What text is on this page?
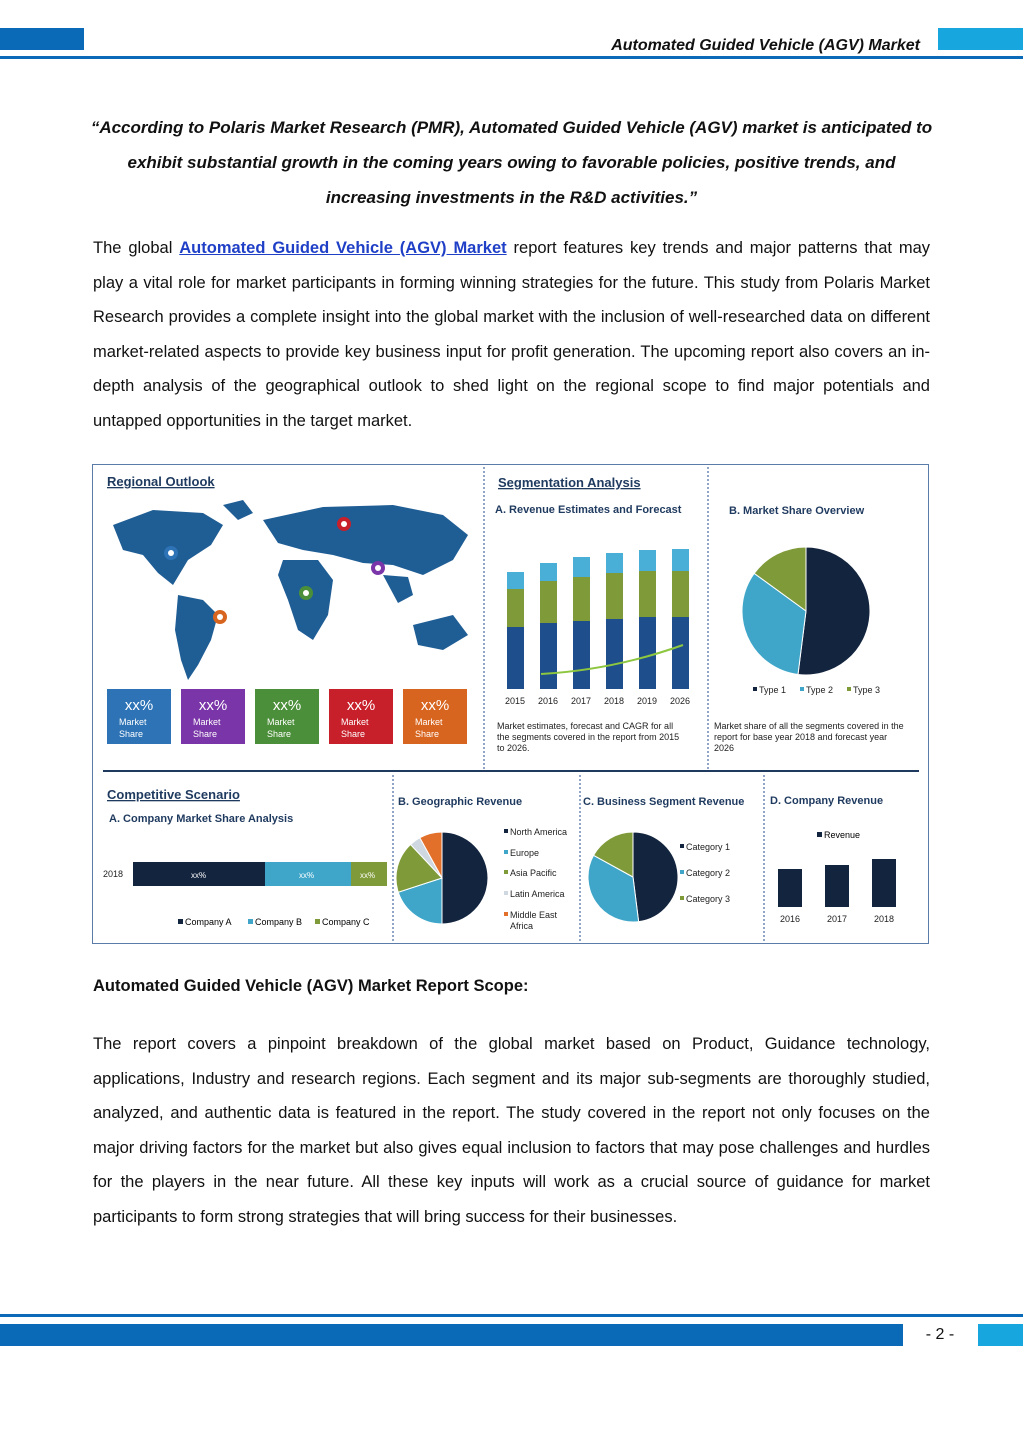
Automated Guided Vehicle (AGV) Market
“According to Polaris Market Research (PMR), Automated Guided Vehicle (AGV) market is anticipated to exhibit substantial growth in the coming years owing to favorable policies, positive trends, and increasing investments in the R&D activities.”
The global Automated Guided Vehicle (AGV) Market report features key trends and major patterns that may play a vital role for market participants in forming winning strategies for the future. This study from Polaris Market Research provides a complete insight into the global market with the inclusion of well-researched data on different market-related aspects to provide key business input for profit generation. The upcoming report also covers an in-depth analysis of the geographical outlook to shed light on the regional scope to find major potentials and untapped opportunities in the target market.
Regional Outlook
xx%
Market
Share
xx%
Market
Share
xx%
Market
Share
xx%
Market
Share
xx%
Market
Share
Segmentation Analysis
A. Revenue Estimates and Forecast
2015 2016 2017 2018 2019 2026
Market estimates, forecast and CAGR for all
the segments covered in the report from 2015
to 2026.
B. Market Share Overview
Type 1 Type 2 Type 3
Market share of all the segments covered in the
report for base year 2018 and forecast year
2026
Competitive Scenario
A. Company Market Share Analysis
2018	xx%	xx%	xx%
Company A	Company B Company C
B. Geographic Revenue
North America
Europe
Asia Pacific
Latin America
Middle East
Africa
C. Business Segment Revenue
Category 1
Category 2
Category 3
D. Company Revenue
Revenue
2016	2017	2018
Automated Guided Vehicle (AGV) Market Report Scope:
The report covers a pinpoint breakdown of the global market based on Product, Guidance technology, applications, Industry and research regions. Each segment and its major sub-segments are thoroughly studied, analyzed, and authentic data is featured in the report. The study covered in the report not only focuses on the major driving factors for the market but also gives equal inclusion to factors that may pose challenges and hurdles for the players in the near future. All these key inputs will work as a crucial source of guidance for market participants to form strong strategies that will bring success for their businesses.
- 2 -
